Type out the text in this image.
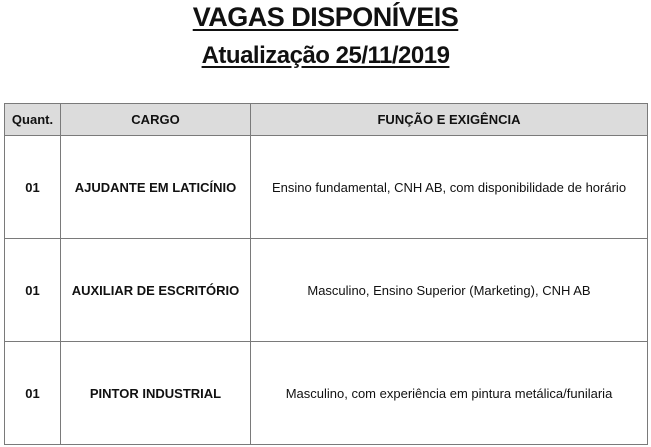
VAGAS DISPONÍVEIS
Atualização 25/11/2019
Quant.	CARGO	FUNÇÃO E EXIGÊNCIA
01	AJUDANTE EM LATICÍNIO	Ensino fundamental, CNH AB, com disponibilidade de horário
01	AUXILIAR DE ESCRITÓRIO	Masculino, Ensino Superior (Marketing), CNH AB
01	PINTOR INDUSTRIAL	Masculino, com experiência em pintura metálica/funilaria
